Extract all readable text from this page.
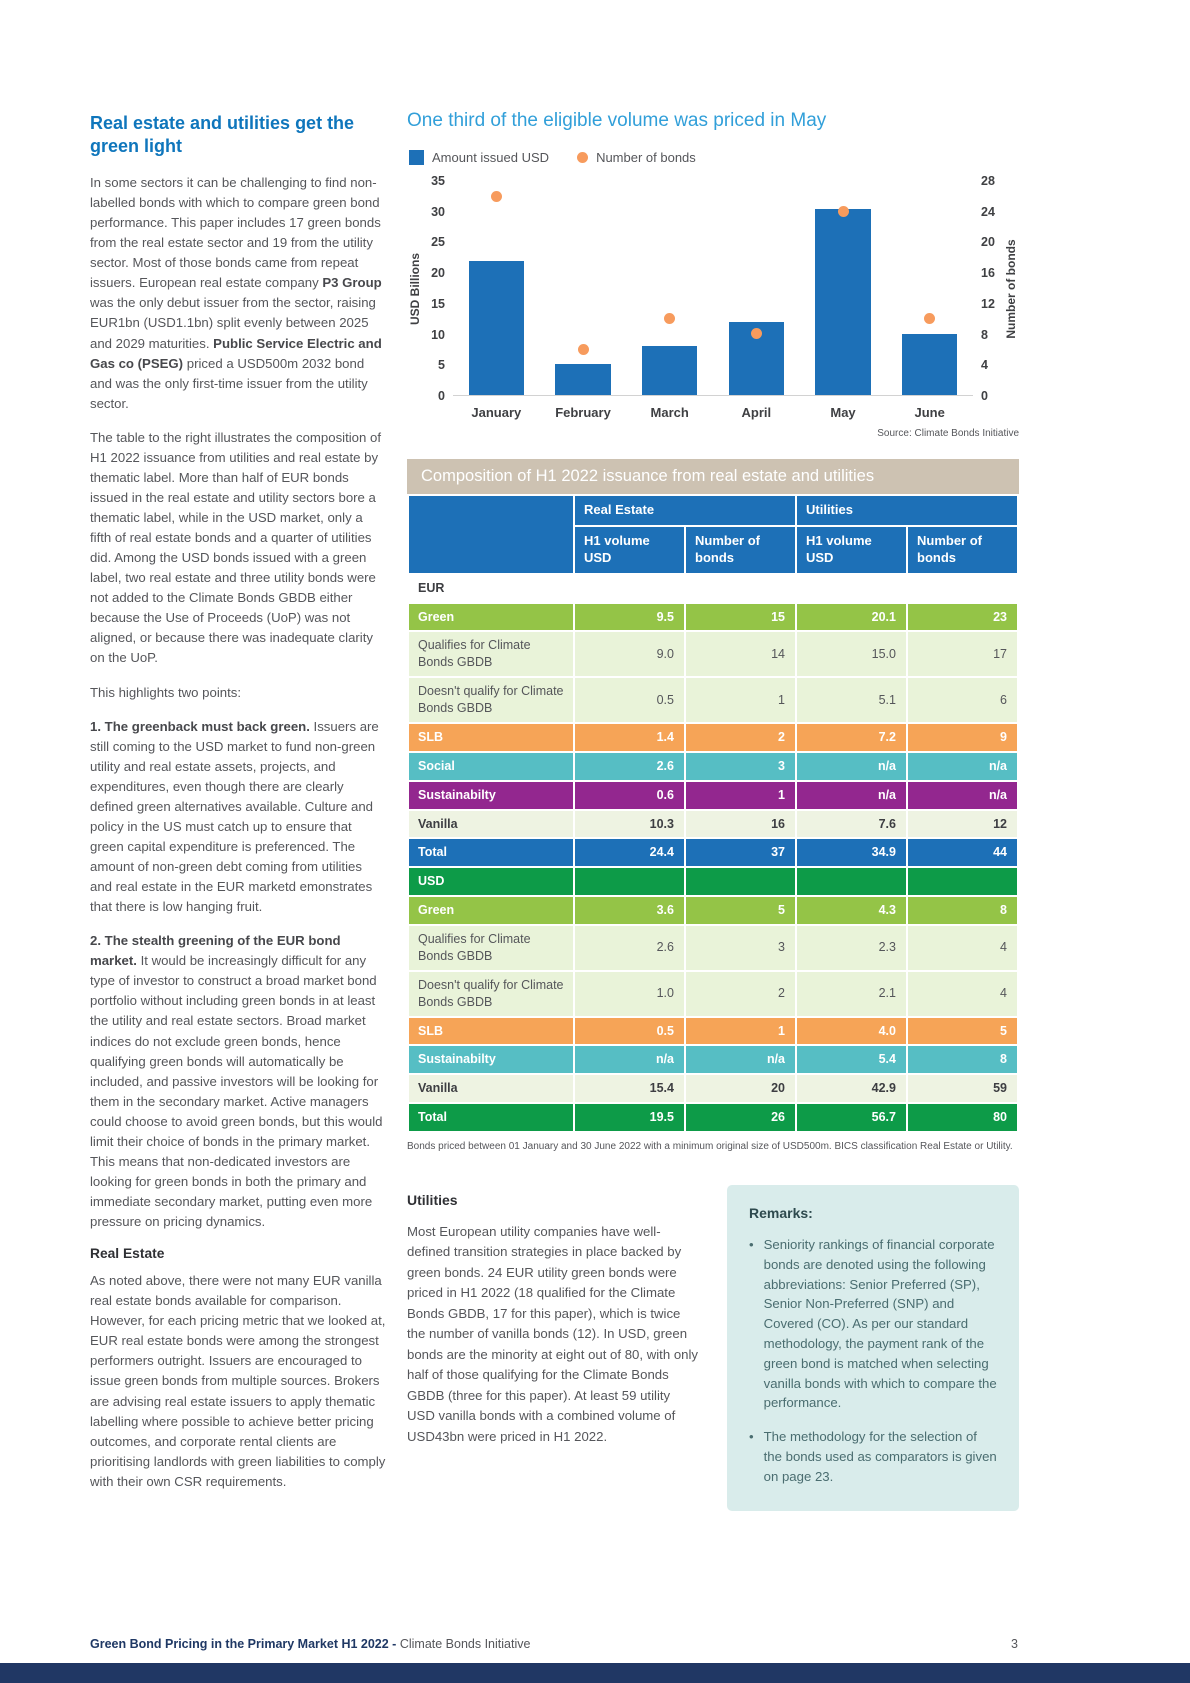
Real estate and utilities get the green light

In some sectors it can be challenging to find non-labelled bonds with which to compare green bond performance. This paper includes 17 green bonds from the real estate sector and 19 from the utility sector. Most of those bonds came from repeat issuers. European real estate company P3 Group was the only debut issuer from the sector, raising EUR1bn (USD1.1bn) split evenly between 2025 and 2029 maturities. Public Service Electric and Gas co (PSEG) priced a USD500m 2032 bond and was the only first-time issuer from the utility sector.

The table to the right illustrates the composition of H1 2022 issuance from utilities and real estate by thematic label. More than half of EUR bonds issued in the real estate and utility sectors bore a thematic label, while in the USD market, only a fifth of real estate bonds and a quarter of utilities did. Among the USD bonds issued with a green label, two real estate and three utility bonds were not added to the Climate Bonds GBDB either because the Use of Proceeds (UoP) was not aligned, or because there was inadequate clarity on the UoP.

This highlights two points:

1. The greenback must back green. Issuers are still coming to the USD market to fund non-green utility and real estate assets, projects, and expenditures, even though there are clearly defined green alternatives available. Culture and policy in the US must catch up to ensure that green capital expenditure is preferenced. The amount of non-green debt coming from utilities and real estate in the EUR marketd emonstrates that there is low hanging fruit.

2. The stealth greening of the EUR bond market. It would be increasingly difficult for any type of investor to construct a broad market bond portfolio without including green bonds in at least the utility and real estate sectors. Broad market indices do not exclude green bonds, hence qualifying green bonds will automatically be included, and passive investors will be looking for them in the secondary market. Active managers could choose to avoid green bonds, but this would limit their choice of bonds in the primary market. This means that non-dedicated investors are looking for green bonds in both the primary and immediate secondary market, putting even more pressure on pricing dynamics.

Real Estate

As noted above, there were not many EUR vanilla real estate bonds available for comparison. However, for each pricing metric that we looked at, EUR real estate bonds were among the strongest performers outright. Issuers are encouraged to issue green bonds from multiple sources. Brokers are advising real estate issuers to apply thematic labelling where possible to achieve better pricing outcomes, and corporate rental clients are prioritising landlords with green liabilities to comply with their own CSR requirements.

One third of the eligible volume was priced in May
Amount issued USD	Number of bonds
USD Billions
0
5
10
15
20
25
30
35
0
4
8
12
16
20
24
28
Number of bonds
January	February	March	April	May	June
Source: Climate Bonds Initiative
Composition of H1 2022 issuance from real estate and utilities
	Real Estate		Utilities	
	H1 volume USD	Number of bonds	H1 volume USD	Number of bonds
EUR				
Green	9.5	15	20.1	23
Qualifies for Climate Bonds GBDB	9.0	14	15.0	17
Doesn't qualify for Climate Bonds GBDB	0.5	1	5.1	6
SLB	1.4	2	7.2	9
Social	2.6	3	n/a	n/a
Sustainabilty	0.6	1	n/a	n/a
Vanilla	10.3	16	7.6	12
Total	24.4	37	34.9	44
USD				
Green	3.6	5	4.3	8
Qualifies for Climate Bonds GBDB	2.6	3	2.3	4
Doesn't qualify for Climate Bonds GBDB	1.0	2	2.1	4
SLB	0.5	1	4.0	5
Sustainabilty	n/a	n/a	5.4	8
Vanilla	15.4	20	42.9	59
Total	19.5	26	56.7	80
Bonds priced between 01 January and 30 June 2022 with a minimum original size of USD500m. BICS classification Real Estate or Utility.
Utilities

Most European utility companies have well-defined transition strategies in place backed by green bonds. 24 EUR utility green bonds were priced in H1 2022 (18 qualified for the Climate Bonds GBDB, 17 for this paper), which is twice the number of vanilla bonds (12). In USD, green bonds are the minority at eight out of 80, with only half of those qualifying for the Climate Bonds GBDB (three for this paper). At least 59 utility USD vanilla bonds with a combined volume of USD43bn were priced in H1 2022.

Remarks:
• Seniority rankings of financial corporate bonds are denoted using the following abbreviations: Senior Preferred (SP), Senior Non-Preferred (SNP) and Covered (CO). As per our standard methodology, the payment rank of the green bond is matched when selecting vanilla bonds with which to compare the performance.
• The methodology for the selection of the bonds used as comparators is given on page 23.
Green Bond Pricing in the Primary Market H1 2022 - Climate Bonds Initiative	3
